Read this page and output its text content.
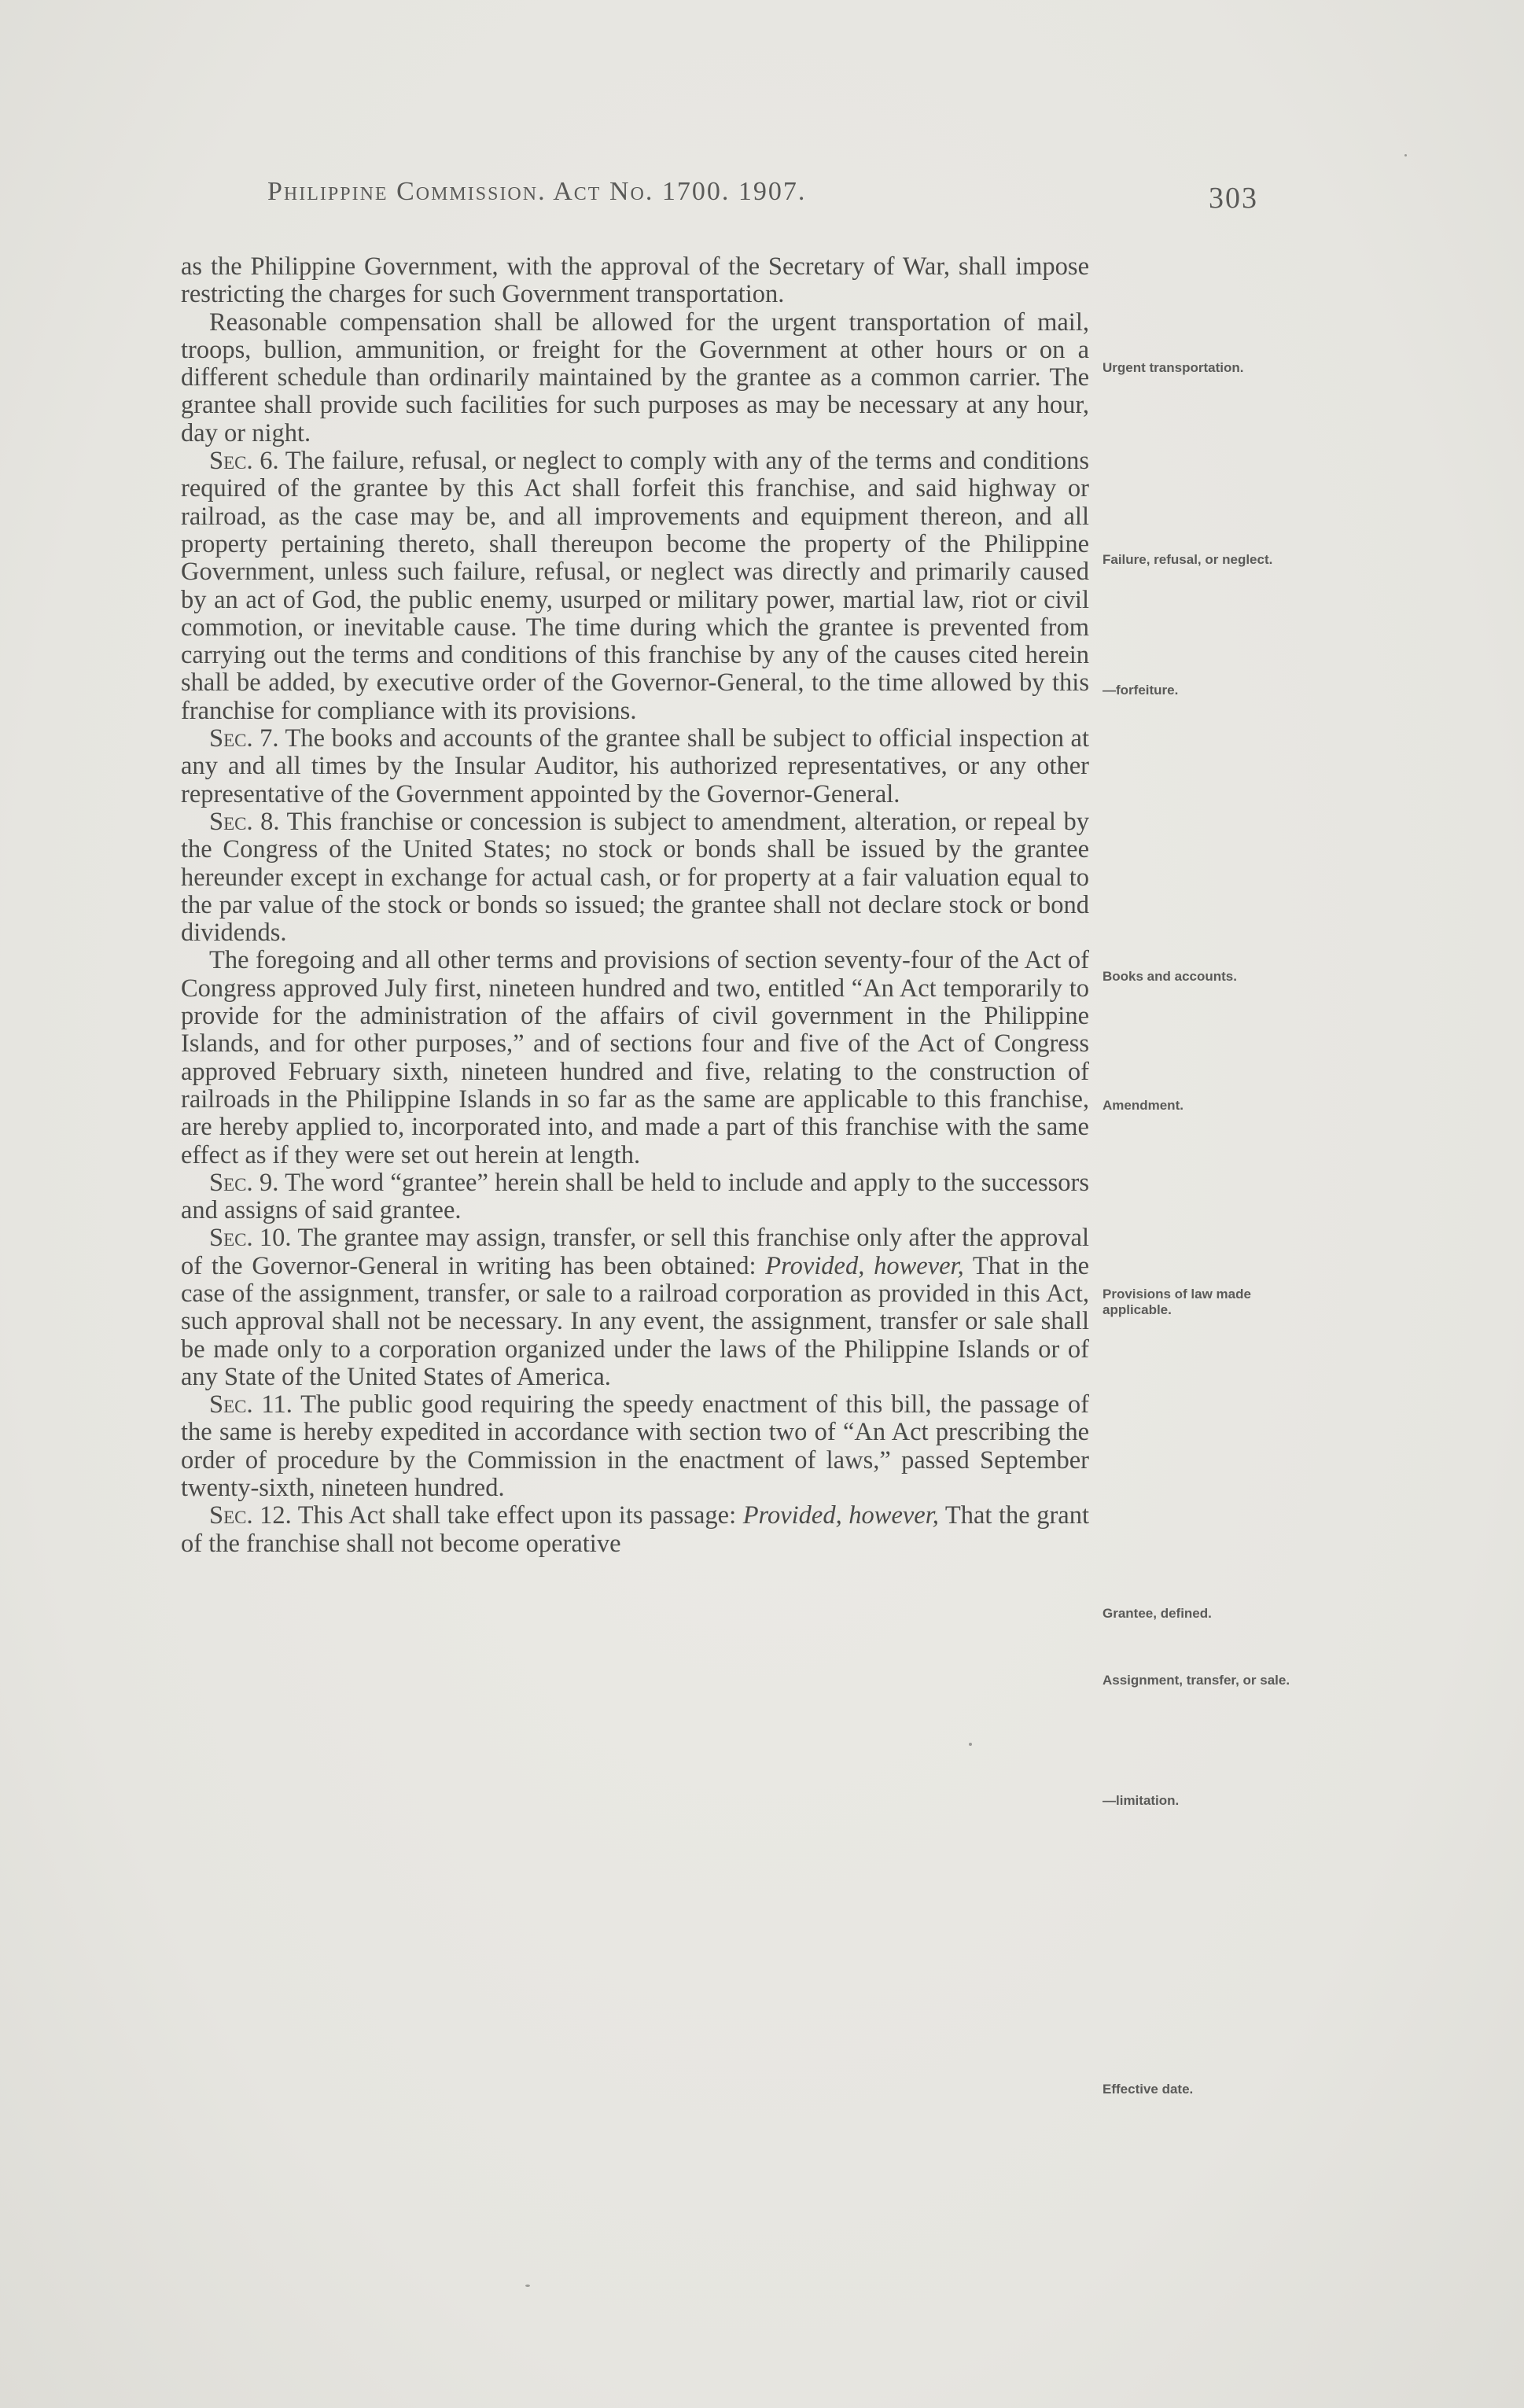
Philippine Commission. Act No. 1700. 1907.	303

as the Philippine Government, with the approval of the Secretary of War, shall impose restricting the charges for such Government transportation.

Reasonable compensation shall be allowed for the urgent transportation of mail, troops, bullion, ammunition, or freight for the Government at other hours or on a different schedule than ordinarily maintained by the grantee as a common carrier. The grantee shall provide such facilities for such purposes as may be necessary at any hour, day or night.

Sec. 6. The failure, refusal, or neglect to comply with any of the terms and conditions required of the grantee by this Act shall forfeit this franchise, and said highway or railroad, as the case may be, and all improvements and equipment thereon, and all property pertaining thereto, shall thereupon become the property of the Philippine Government, unless such failure, refusal, or neglect was directly and primarily caused by an act of God, the public enemy, usurped or military power, martial law, riot or civil commotion, or inevitable cause. The time during which the grantee is prevented from carrying out the terms and conditions of this franchise by any of the causes cited herein shall be added, by executive order of the Governor-General, to the time allowed by this franchise for compliance with its provisions.

Sec. 7. The books and accounts of the grantee shall be subject to official inspection at any and all times by the Insular Auditor, his authorized representatives, or any other representative of the Government appointed by the Governor-General.

Sec. 8. This franchise or concession is subject to amendment, alteration, or repeal by the Congress of the United States; no stock or bonds shall be issued by the grantee hereunder except in exchange for actual cash, or for property at a fair valuation equal to the par value of the stock or bonds so issued; the grantee shall not declare stock or bond dividends.

The foregoing and all other terms and provisions of section seventy-four of the Act of Congress approved July first, nineteen hundred and two, entitled “An Act temporarily to provide for the administration of the affairs of civil government in the Philippine Islands, and for other purposes,” and of sections four and five of the Act of Congress approved February sixth, nineteen hundred and five, relating to the construction of railroads in the Philippine Islands in so far as the same are applicable to this franchise, are hereby applied to, incorporated into, and made a part of this franchise with the same effect as if they were set out herein at length.

Sec. 9. The word “grantee” herein shall be held to include and apply to the successors and assigns of said grantee.

Sec. 10. The grantee may assign, transfer, or sell this franchise only after the approval of the Governor-General in writing has been obtained: Provided, however, That in the case of the assignment, transfer, or sale to a railroad corporation as provided in this Act, such approval shall not be necessary. In any event, the assignment, transfer or sale shall be made only to a corporation organized under the laws of the Philippine Islands or of any State of the United States of America.

Sec. 11. The public good requiring the speedy enactment of this bill, the passage of the same is hereby expedited in accordance with section two of “An Act prescribing the order of procedure by the Commission in the enactment of laws,” passed September twenty-sixth, nineteen hundred.

Sec. 12. This Act shall take effect upon its passage: Provided, however, That the grant of the franchise shall not become operative

Urgent transportation.
Failure, refusal, or neglect.
—forfeiture.
Books and accounts.
Amendment.
Provisions of law made applicable.
Grantee, defined.
Assignment, transfer, or sale.
—limitation.
Effective date.
